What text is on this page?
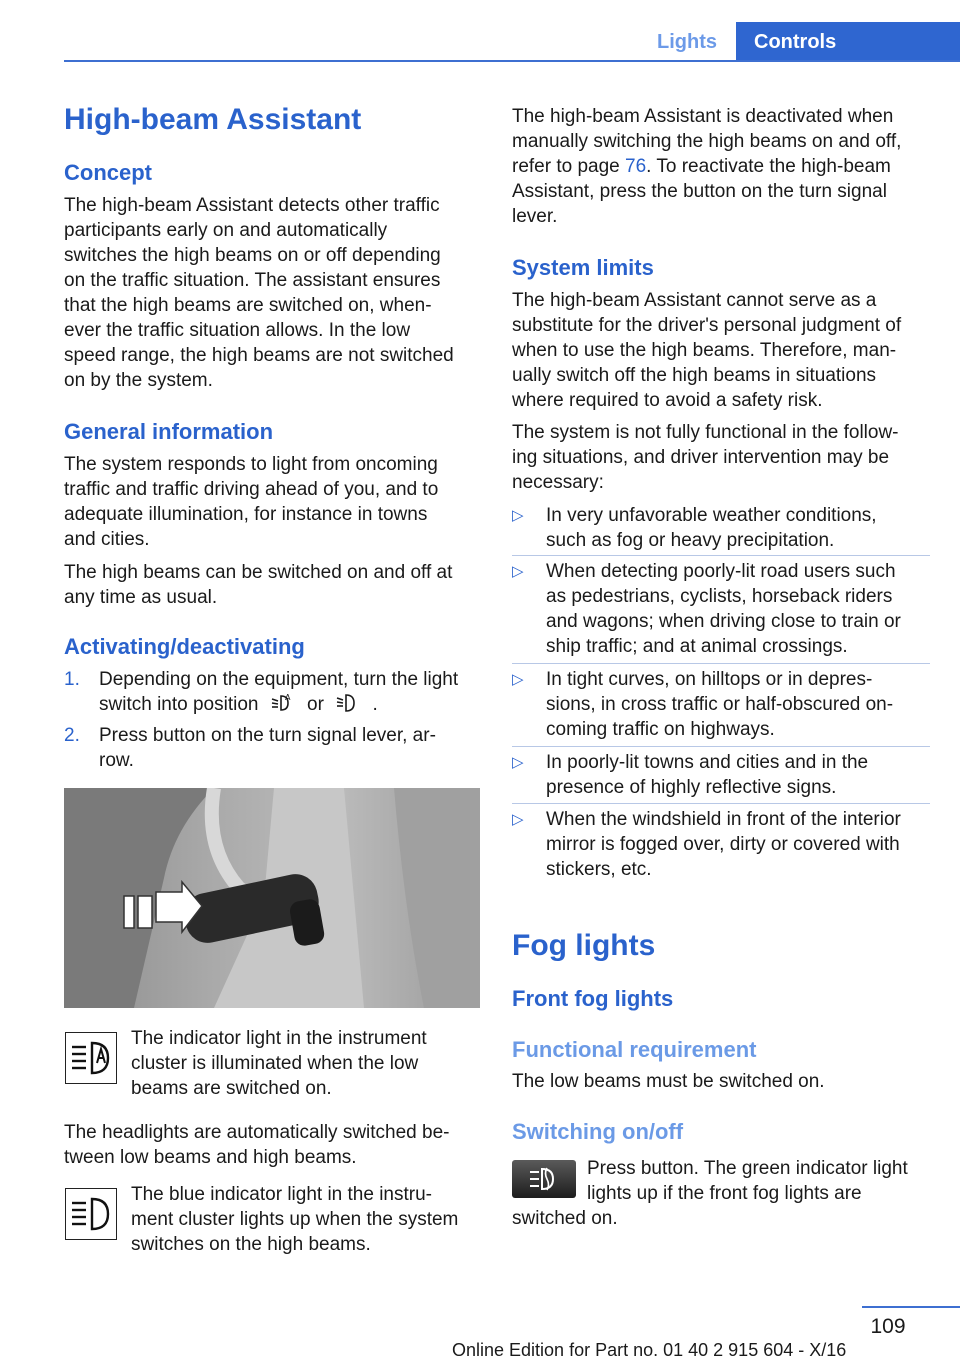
Lights	Controls
High-beam Assistant
Concept
The high-beam Assistant detects other traffic
participants early on and automatically
switches the high beams on or off depending
on the traffic situation. The assistant ensures
that the high beams are switched on, when-
ever the traffic situation allows. In the low
speed range, the high beams are not switched
on by the system.
General information
The system responds to light from oncoming
traffic and traffic driving ahead of you, and to
adequate illumination, for instance in towns
and cities.
The high beams can be switched on and off at
any time as usual.
Activating/deactivating
1. Depending on the equipment, turn the light
switch into position	A or	.
2. Press button on the turn signal lever, ar-
row.
The indicator light in the instrument
cluster is illuminated when the low
beams are switched on.
The headlights are automatically switched be-
tween low beams and high beams.
The blue indicator light in the instru-
ment cluster lights up when the system
switches on the high beams.
The high-beam Assistant is deactivated when
manually switching the high beams on and off,
refer to page 76. To reactivate the high-beam
Assistant, press the button on the turn signal
lever.
System limits
The high-beam Assistant cannot serve as a
substitute for the driver's personal judgment of
when to use the high beams. Therefore, man-
ually switch off the high beams in situations
where required to avoid a safety risk.
The system is not fully functional in the follow-
ing situations, and driver intervention may be
necessary:
▷ In very unfavorable weather conditions,
such as fog or heavy precipitation.
▷ When detecting poorly-lit road users such
as pedestrians, cyclists, horseback riders
and wagons; when driving close to train or
ship traffic; and at animal crossings.
▷ In tight curves, on hilltops or in depres-
sions, in cross traffic or half-obscured on-
coming traffic on highways.
▷ In poorly-lit towns and cities and in the
presence of highly reflective signs.
▷ When the windshield in front of the interior
mirror is fogged over, dirty or covered with
stickers, etc.
Fog lights
Front fog lights
Functional requirement
The low beams must be switched on.
Switching on/off
Press button. The green indicator light
lights up if the front fog lights are
switched on.
109
Online Edition for Part no. 01 40 2 915 604 - X/16
